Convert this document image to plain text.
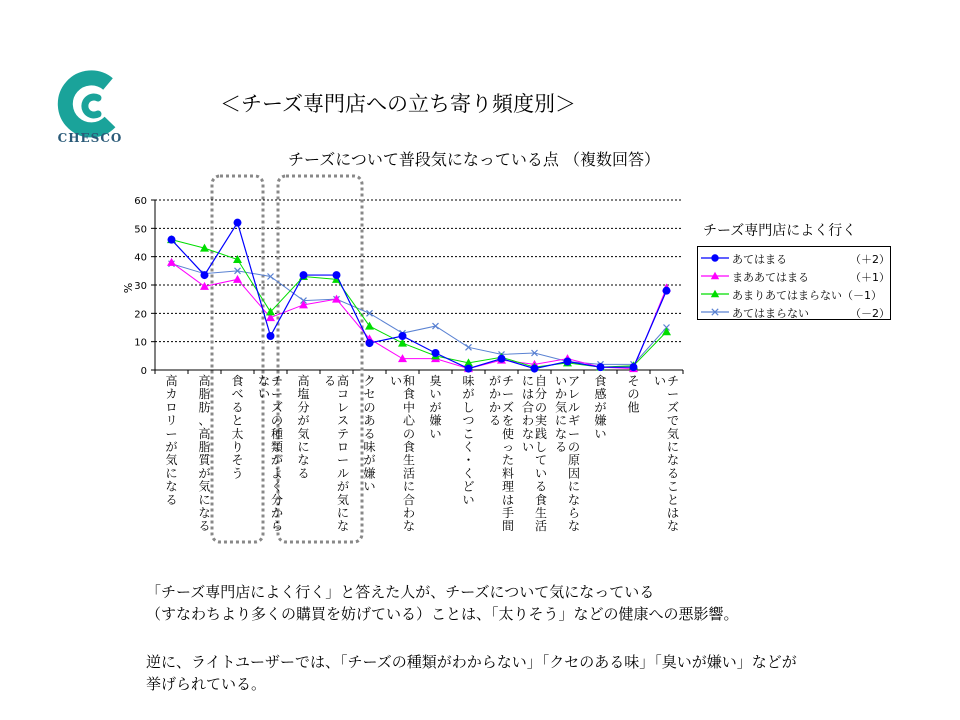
CHESCO
＜チーズ専門店への立ち寄り頻度別＞
チーズについて普段気になっている点 （複数回答）
0
10
20
30
40
50
60
%
高カロリーが気になる
高脂肪、高脂質が気になる
食べると太りそう
チーズの種類がよく分からない
高塩分が気になる
高コレステロールが気になる	クセのある味が嫌い
和食中心の食生活に合わない	臭いが嫌い
味がしつこく・くどい
チーズを使った料理は手間がかかる
自分の実践している食生活には合わない
アレルギーの原因にならないか気になる
食感が嫌い
その他
チーズで気になることはない
チーズ専門店によく行く
あてはまる	（＋2）
まああてはまる	（＋1）
あまりあてはまらない（－1）
あてはまらない	（－2）
「チーズ専門店によく行く」と答えた人が、チーズについて気になっている
（すなわちより多くの購買を妨げている）ことは、「太りそう」などの健康への悪影響。
逆に、ライトユーザーでは、「チーズの種類がわからない」「クセのある味」「臭いが嫌い」などが
挙げられている。
